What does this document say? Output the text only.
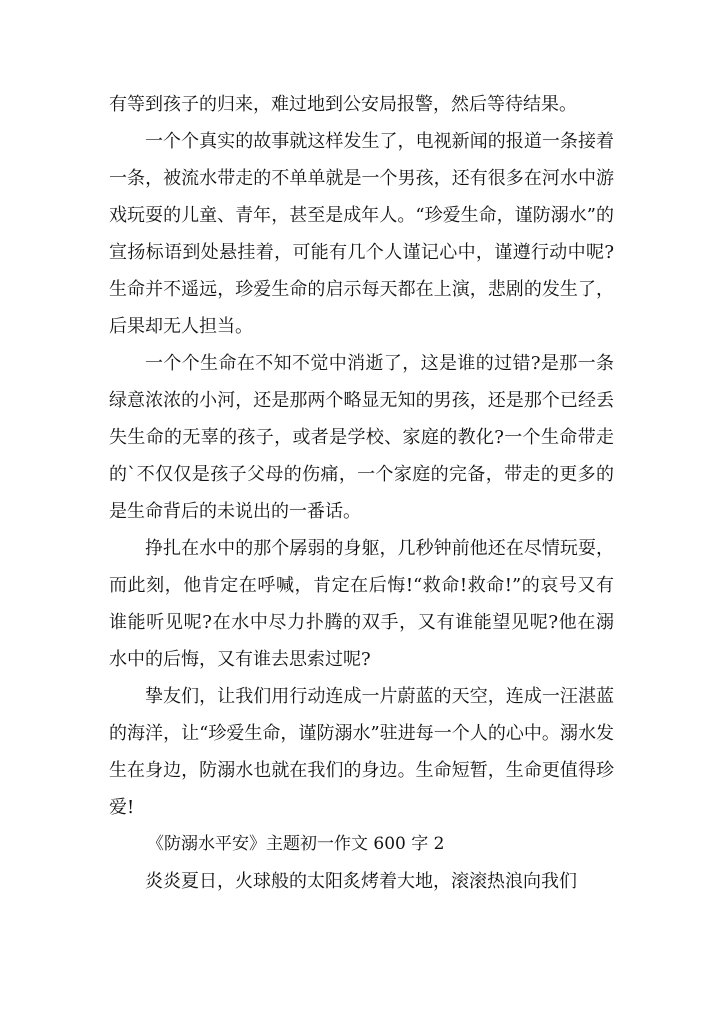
有等到孩子的归来，难过地到公安局报警，然后等待结果。

一个个真实的故事就这样发生了，电视新闻的报道一条接着一条，被流水带走的不单单就是一个男孩，还有很多在河水中游戏玩耍的儿童、青年，甚至是成年人。“珍爱生命，谨防溺水”的宣扬标语到处悬挂着，可能有几个人谨记心中，谨遵行动中呢?生命并不遥远，珍爱生命的启示每天都在上演，悲剧的发生了，后果却无人担当。

一个个生命在不知不觉中消逝了，这是谁的过错?是那一条绿意浓浓的小河，还是那两个略显无知的男孩，还是那个已经丢失生命的无辜的孩子，或者是学校、家庭的教化?一个生命带走的`不仅仅是孩子父母的伤痛，一个家庭的完备，带走的更多的是生命背后的未说出的一番话。

挣扎在水中的那个孱弱的身躯，几秒钟前他还在尽情玩耍，而此刻，他肯定在呼喊，肯定在后悔!“救命!救命!”的哀号又有谁能听见呢?在水中尽力扑腾的双手，又有谁能望见呢?他在溺水中的后悔，又有谁去思索过呢?

挚友们，让我们用行动连成一片蔚蓝的天空，连成一汪湛蓝的海洋，让“珍爱生命，谨防溺水”驻进每一个人的心中。溺水发生在身边，防溺水也就在我们的身边。生命短暂，生命更值得珍爱!

《防溺水平安》主题初一作文 600 字 2

炎炎夏日，火球般的太阳炙烤着大地，滚滚热浪向我们
